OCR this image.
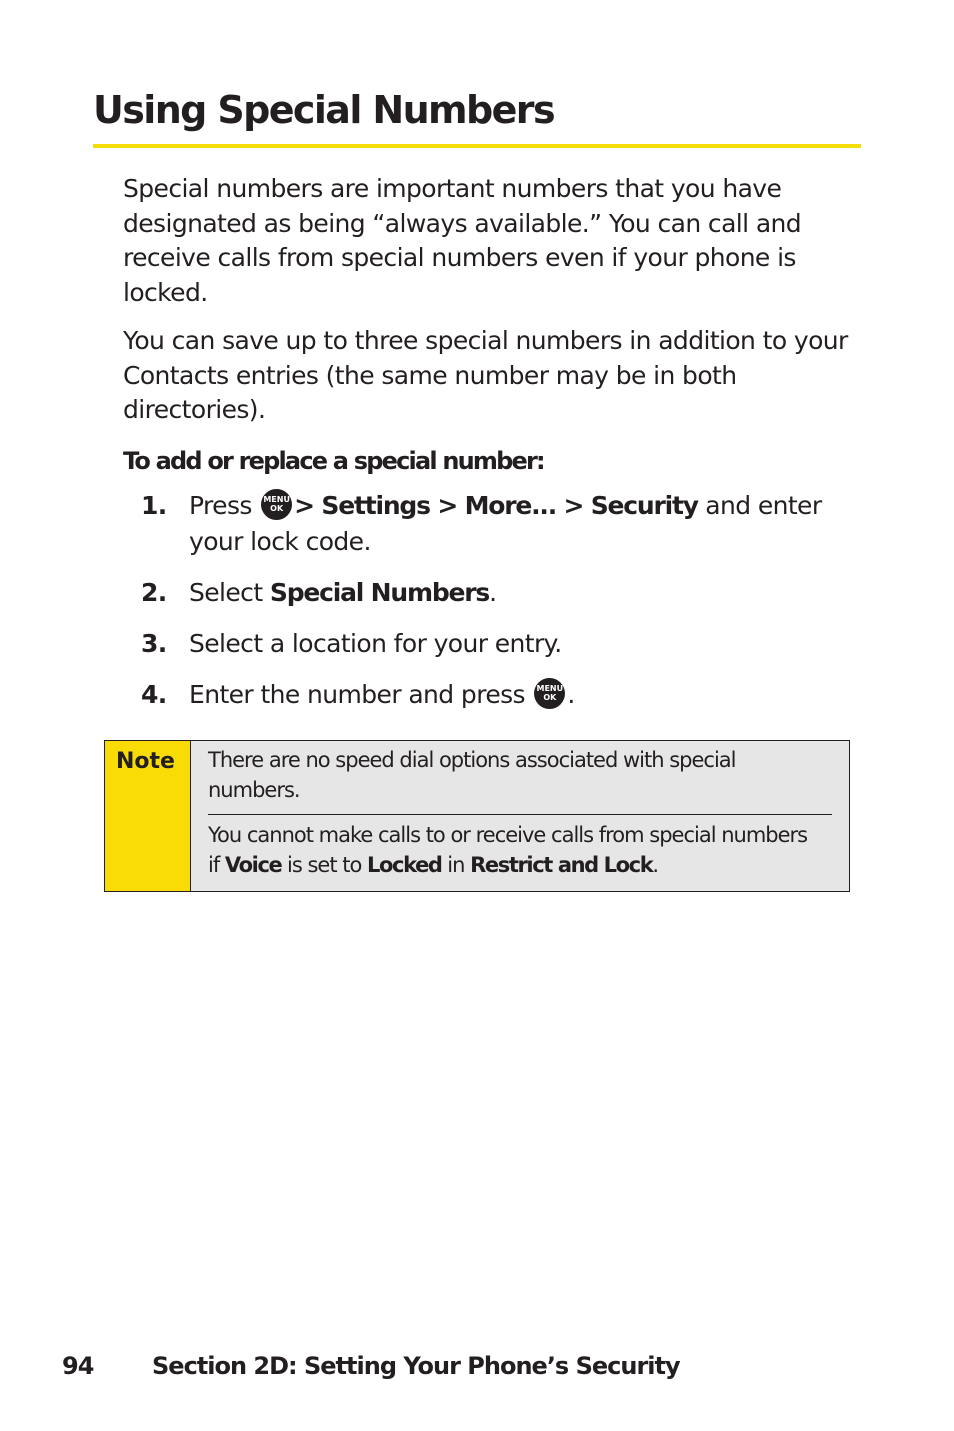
Using Special Numbers

Special numbers are important numbers that you have designated as being “always available.” You can call and receive calls from special numbers even if your phone is locked.

You can save up to three special numbers in addition to your Contacts entries (the same number may be in both directories).

To add or replace a special number:
1. Press MENU
OK > Settings > More... > Security and enter your lock code.
2. Select Special Numbers.
3. Select a location for your entry.
4. Enter the number and press MENU
OK .
Note There are no speed dial options associated with special numbers.

You cannot make calls to or receive calls from special numbers
if Voice is set to Locked in Restrict and Lock.

94 Section 2D: Setting Your Phone’s Security
